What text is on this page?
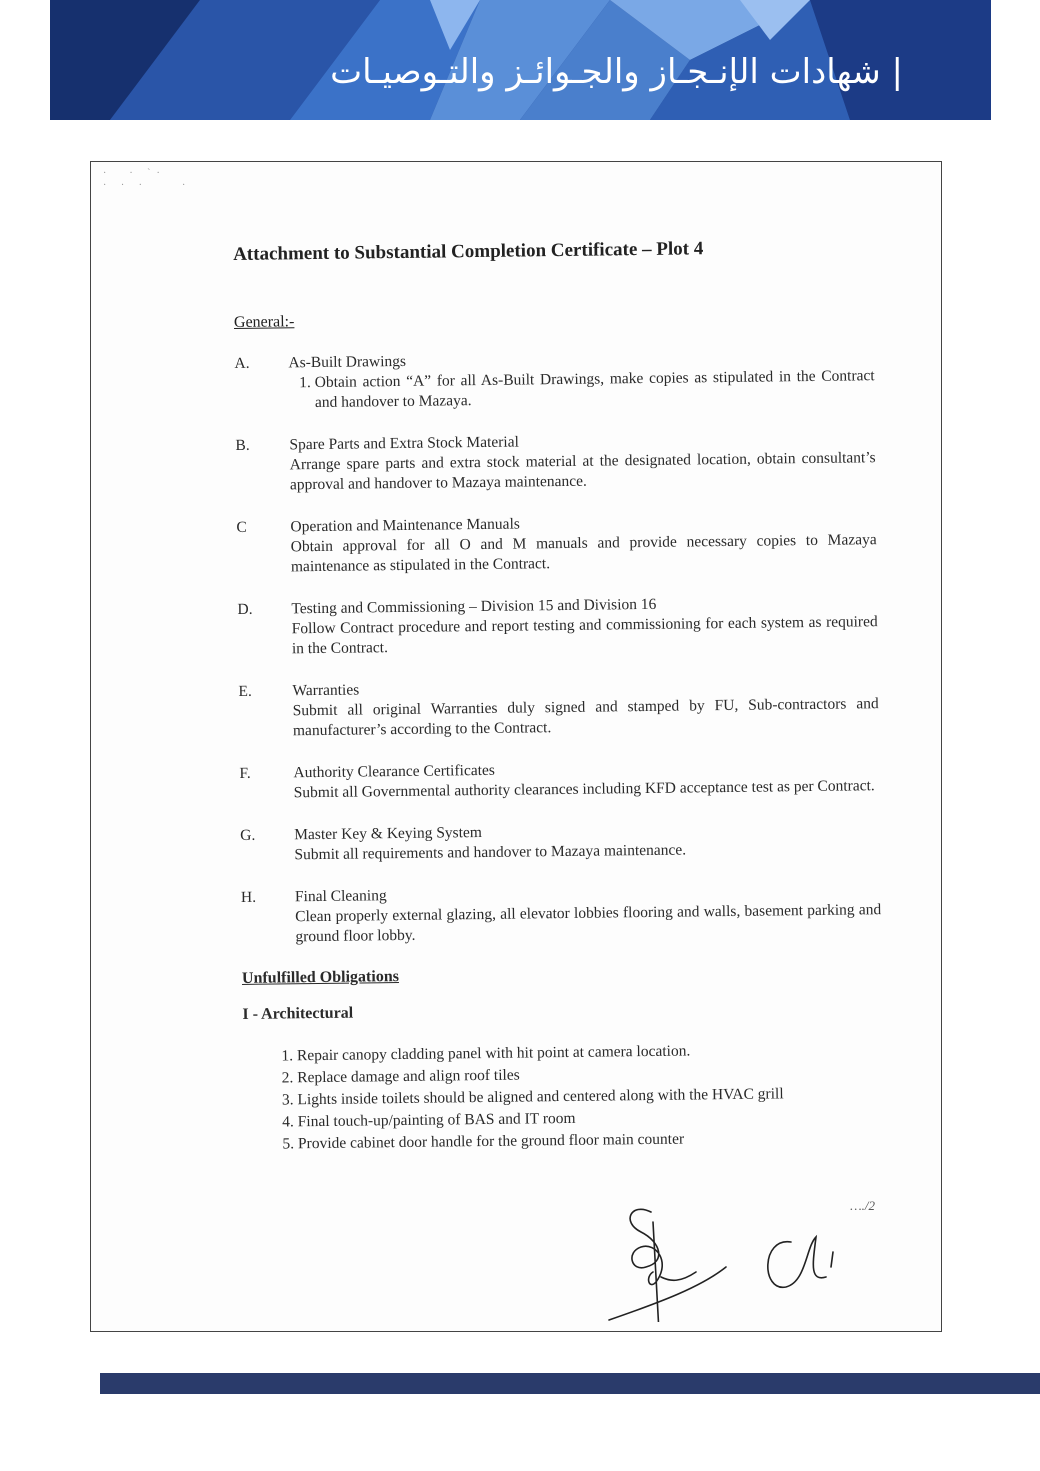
| شهادات الإنـجـاز والجـوائـز والتـوصيـات
·  · `·
· · ·    ·
Attachment to Substantial Completion Certificate – Plot 4
General:-
A. As-Built Drawings
1. Obtain action “A” for all As-Built Drawings, make copies as stipulated in the Contract and handover to Mazaya.
B.	Spare Parts and Extra Stock Material
Arrange spare parts and extra stock material at the designated location, obtain consultant’s approval and handover to Mazaya maintenance.
C	Operation and Maintenance Manuals
Obtain approval for all O and M manuals and provide necessary copies to Mazaya maintenance as stipulated in the Contract.
D. Testing and Commissioning – Division 15 and Division 16
Follow Contract procedure and report testing and commissioning for each system as required in the Contract.
E.	Warranties
Submit all original Warranties duly signed and stamped by FU, Sub-contractors and manufacturer’s according to the Contract.
F.	Authority Clearance Certificates
Submit all Governmental authority clearances including KFD acceptance test as per Contract.
G. Master Key & Keying System
Submit all requirements and handover to Mazaya maintenance.
H. Final Cleaning
Clean properly external glazing, all elevator lobbies flooring and walls, basement parking and ground floor lobby.
Unfulfilled Obligations
I - Architectural
1. Repair canopy cladding panel with hit point at camera location.
2. Replace damage and align roof tiles
3. Lights inside toilets should be aligned and centered along with the HVAC grill
4. Final touch-up/painting of BAS and IT room
5. Provide cabinet door handle for the ground floor main counter
…./2
